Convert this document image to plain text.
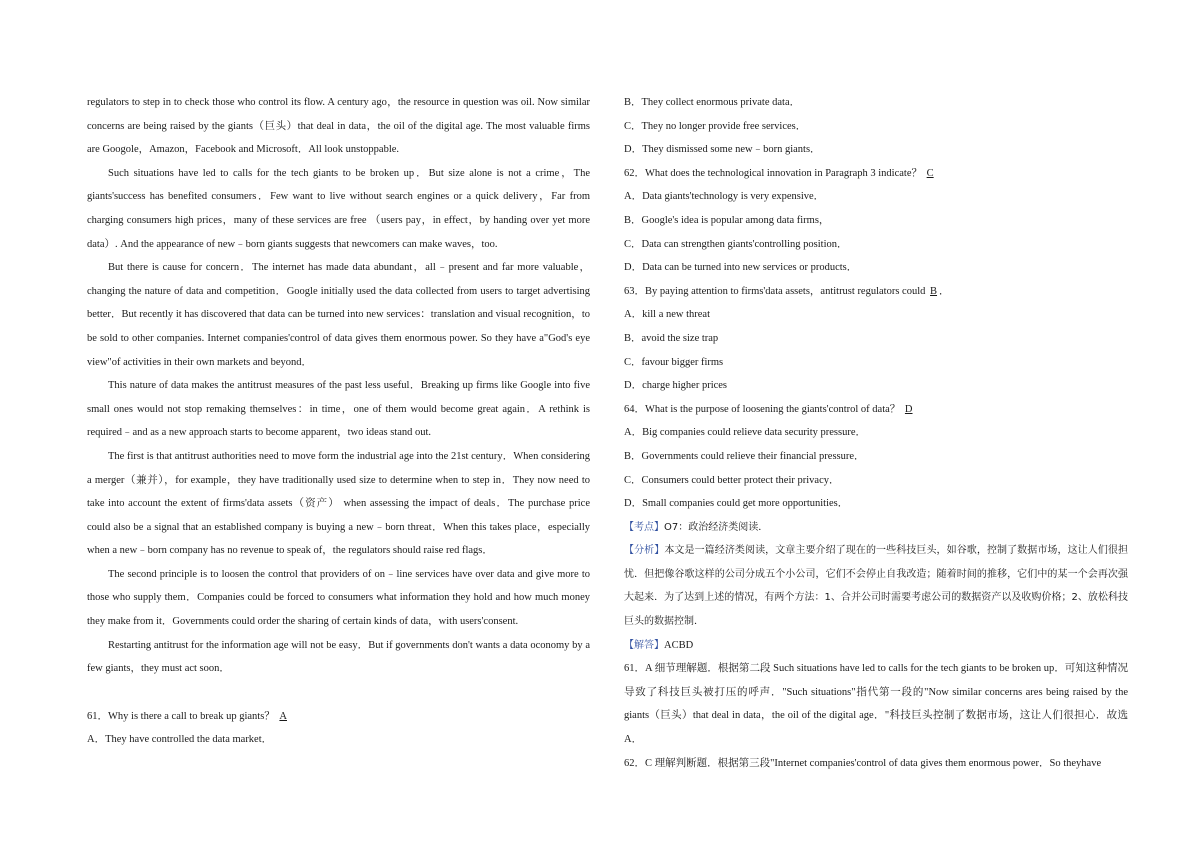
regulators to step in to check those who control its flow. A century ago，the resource in question was oil. Now similar concerns are being raised by the giants（巨头）that deal in data，the oil of the digital age. The most valuable firms are Googole，Amazon，Facebook and Microsoft．All look unstoppable.

Such situations have led to calls for the tech giants to be broken up．But size alone is not a crime，The giants'success has benefited consumers．Few want to live without search engines or a quick delivery，Far from charging consumers high prices，many of these services are free （users pay，in effect，by handing over yet more data）. And the appearance of new﹣born giants suggests that newcomers can make waves，too.

But there is cause for concern．The internet has made data abundant，all﹣present and far more valuable，changing the nature of data and competition．Google initially used the data collected from users to target advertising better．But recently it has discovered that data can be turned into new services：translation and visual recognition，to be sold to other companies. Internet companies'control of data gives them enormous power. So they have a"God's eye view"of activities in their own markets and beyond．

This nature of data makes the antitrust measures of the past less useful．Breaking up firms like Google into five small ones would not stop remaking themselves：in time，one of them would become great again．A rethink is required﹣and as a new approach starts to become apparent，two ideas stand out.

The first is that antitrust authorities need to move form the industrial age into the 21st century．When considering a merger（兼并），for example，they have traditionally used size to determine when to step in．They now need to take into account the extent of firms'data assets（资产） when assessing the impact of deals．The purchase price could also be a signal that an established company is buying a new﹣born threat．When this takes place，especially when a new﹣born company has no revenue to speak of，the regulators should raise red flags．

The second principle is to loosen the control that providers of on﹣line services have over data and give more to those who supply them．Companies could be forced to consumers what information they hold and how much money they make from it．Governments could order the sharing of certain kinds of data，with users'consent.

Restarting antitrust for the information age will not be easy．But if governments don't wants a data oconomy by a few giants，they must act soon．

61．Why is there a call to break up giants？ A
A．They have controlled the data market．
B．They collect enormous private data．
C．They no longer provide free services．
D．They dismissed some new﹣born giants．
62．What does the technological innovation in Paragraph 3 indicate？ C
A．Data giants'technology is very expensive．
B．Google's idea is popular among data firms，
C．Data can strengthen giants'controlling position．
D．Data can be turned into new services or products．
63．By paying attention to firms'data assets，antitrust regulators could B ．
A．kill a new threat
B．avoid the size trap
C．favour bigger firms
D．charge higher prices
64．What is the purpose of loosening the giants'control of data？ D
A．Big companies could relieve data security pressure．
B．Governments could relieve their financial pressure．
C．Consumers could better protect their privacy．
D．Small companies could get more opportunities．
【考点】O7：政治经济类阅读．

【分析】本文是一篇经济类阅读，文章主要介绍了现在的一些科技巨头，如谷歌，控制了数据市场，这让人们很担忧．但把像谷歌这样的公司分成五个小公司，它们不会停止自我改造；随着时间的推移，它们中的某一个会再次强大起来．为了达到上述的情况，有两个方法：1、合并公司时需要考虑公司的数据资产以及收购价格；2、放松科技巨头的数据控制．

【解答】ACBD

61．A 细节理解题．根据第二段 Such situations have led to calls for the tech giants to be broken up．可知这种情况导致了科技巨头被打压的呼声．"Such situations"指代第一段的"Now similar concerns ares being raised by the giants（巨头）that deal in data，the oil of the digital age．"科技巨头控制了数据市场，这让人们很担心．故选 A．

62．C 理解判断题．根据第三段"Internet companies'control of data gives them enormous power．So theyhave
